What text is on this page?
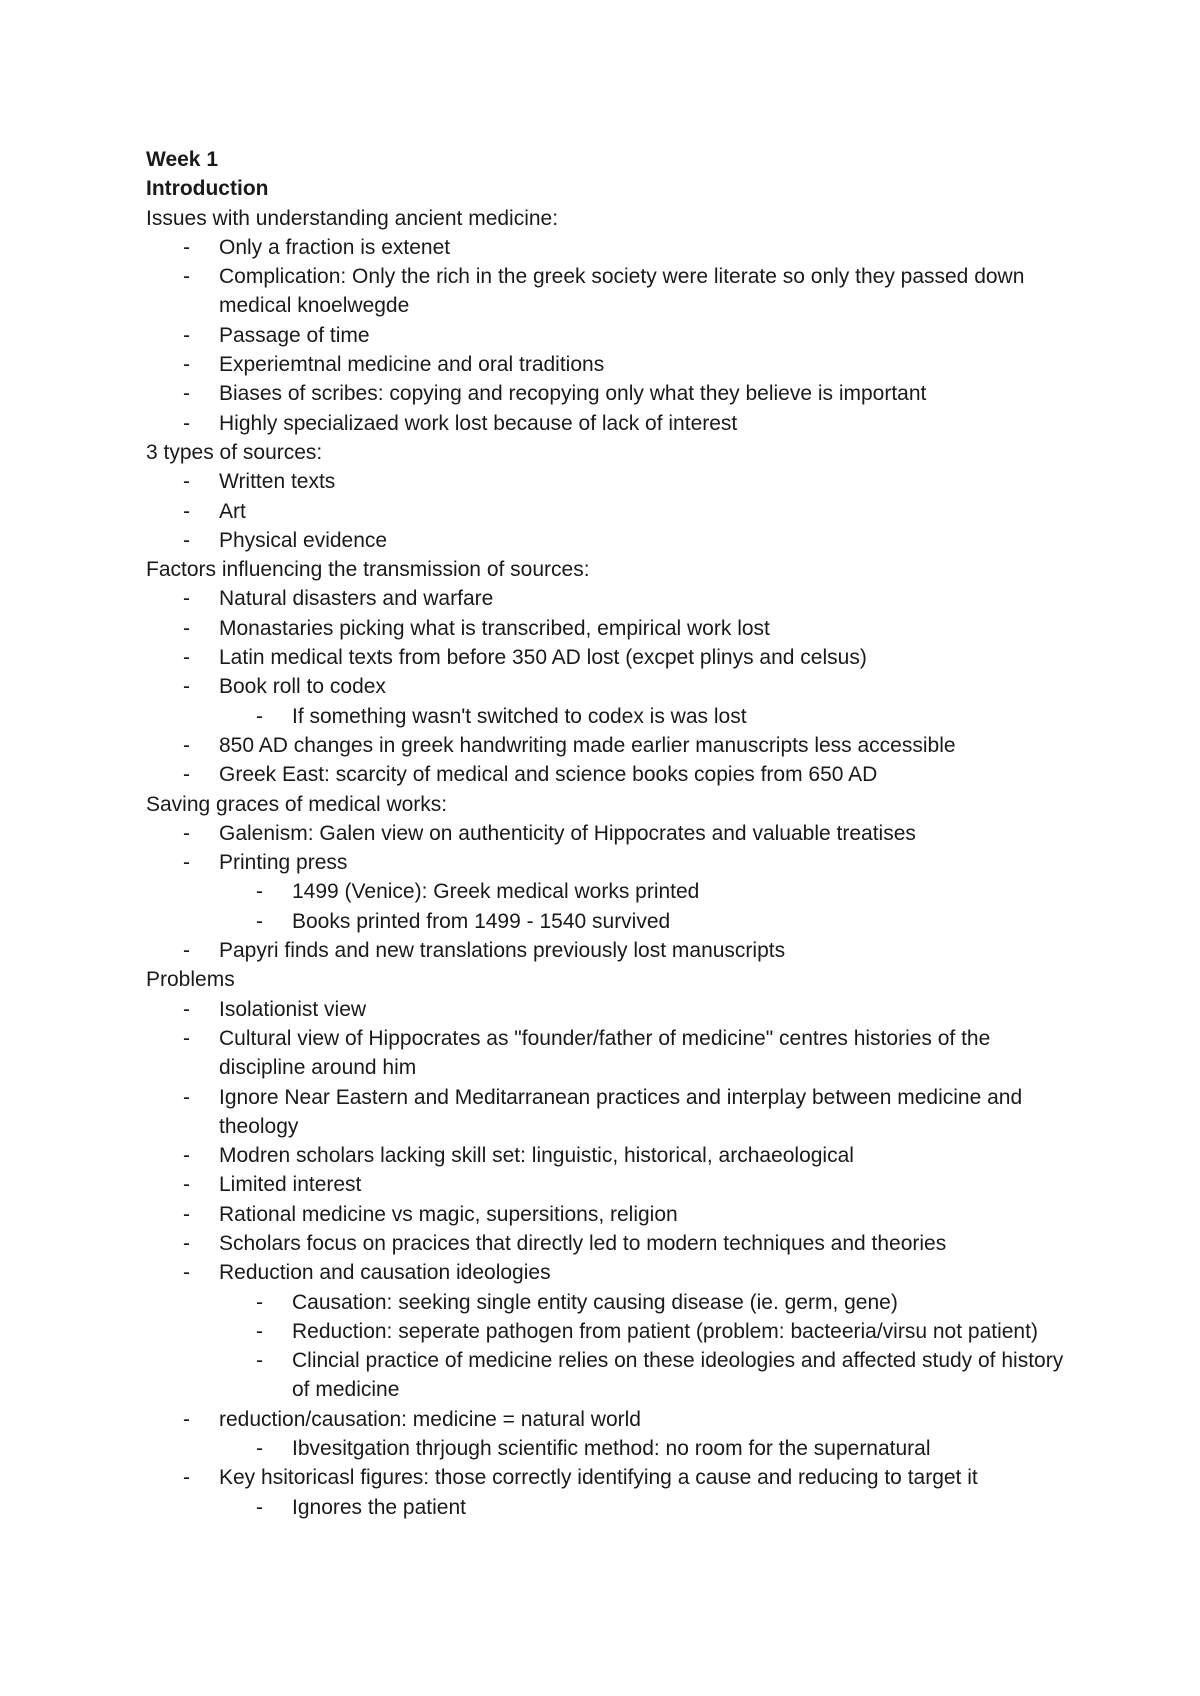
Week 1
Introduction
Issues with understanding ancient medicine:
- Only a fraction is extenet
- Complication: Only the rich in the greek society were literate so only they passed down medical knoelwegde
- Passage of time
- Experiemtnal medicine and oral traditions
- Biases of scribes: copying and recopying only what they believe is important
- Highly specializaed work lost because of lack of interest
3 types of sources:
- Written texts
- Art
- Physical evidence
Factors influencing the transmission of sources:
- Natural disasters and warfare
- Monastaries picking what is transcribed, empirical work lost
- Latin medical texts from before 350 AD lost (excpet plinys and celsus)
- Book roll to codex
- If something wasn't switched to codex is was lost
- 850 AD changes in greek handwriting made earlier manuscripts less accessible
- Greek East: scarcity of medical and science books copies from 650 AD
Saving graces of medical works:
- Galenism: Galen view on authenticity of Hippocrates and valuable treatises
- Printing press
- 1499 (Venice): Greek medical works printed
- Books printed from 1499 - 1540 survived
- Papyri finds and new translations previously lost manuscripts
Problems
- Isolationist view
- Cultural view of Hippocrates as "founder/father of medicine" centres histories of the discipline around him
- Ignore Near Eastern and Meditarranean practices and interplay between medicine and theology
- Modren scholars lacking skill set: linguistic, historical, archaeological
- Limited interest
- Rational medicine vs magic, supersitions, religion
- Scholars focus on pracices that directly led to modern techniques and theories
- Reduction and causation ideologies
- Causation: seeking single entity causing disease (ie. germ, gene)
- Reduction: seperate pathogen from patient (problem: bacteeria/virsu not patient)
- Clincial practice of medicine relies on these ideologies and affected study of history of medicine
- reduction/causation: medicine = natural world
- Ibvesitgation thrjough scientific method: no room for the supernatural
- Key hsitoricasl figures: those correctly identifying a cause and reducing to target it
- Ignores the patient
